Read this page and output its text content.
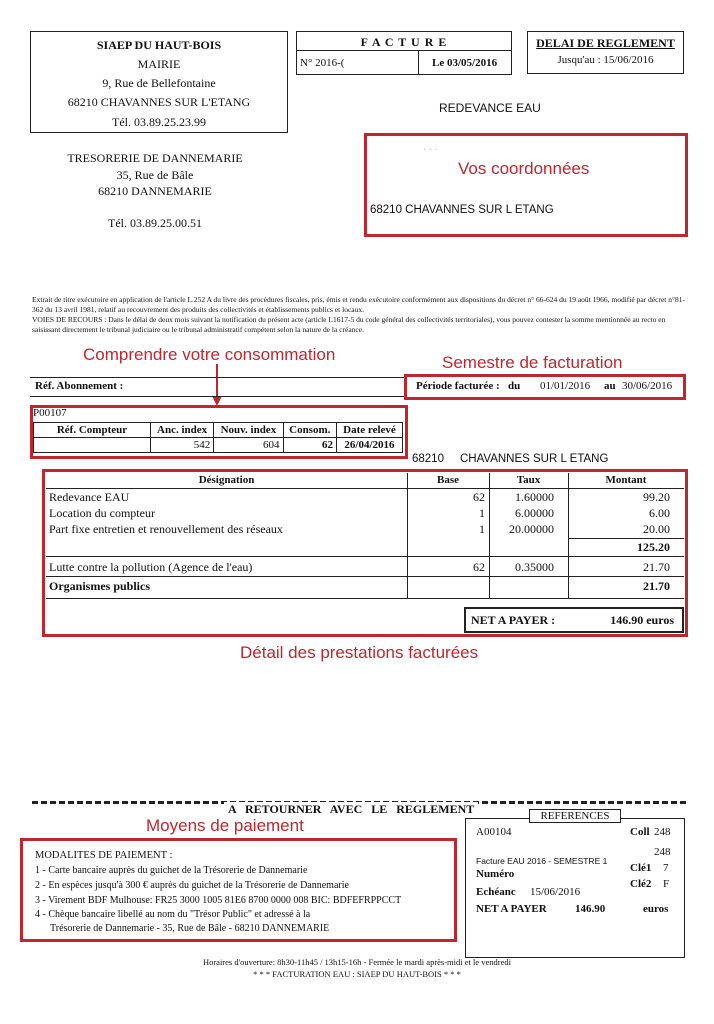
SIAEP DU HAUT-BOIS
MAIRIE
9, Rue de Bellefontaine
68210 CHAVANNES SUR L'ETANG
Tél. 03.89.25.23.99
F A C T U R E
N° 2016-(	Le 03/05/2016
DELAI DE REGLEMENT
Jusqu'au : 15/06/2016
REDEVANCE EAU
TRESORERIE DE DANNEMARIE
35, Rue de Bâle
68210 DANNEMARIE
Tél. 03.89.25.00.51
Vos coordonnées
· · ·
68210 CHAVANNES SUR L ETANG
Extrait de titre exécutoire en application de l'article L.252 A du livre des procédures fiscales, pris, émis et rendu exécutoire conformément aux dispositions du décret n° 66-624 du 19 août 1966, modifié par décret n°81-362 du 13 avril 1981, relatif au recouvrement des produits des collectivités et établissements publics et locaux.
VOIES DE RECOURS : Dans le délai de deux mois suivant la notification du présent acte (article L1617-5 du code général des collectivités territoriales), vous pouvez contester la somme mentionnée au recto en saisissant directement le tribunal judiciaire ou le tribunal administratif compétent selon la nature de la créance.
Comprendre votre consommation	Semestre de facturation
Réf. Abonnement :	Période facturée : du 01/01/2016 au 30/06/2016
P00107
Réf. Compteur	Anc. index	Nouv. index	Consom.	Date relevé
	542	604	62	26/04/2016
68210     CHAVANNES SUR L ETANG
Désignation	Base	Taux	Montant
Redevance EAU	62	1.60000	99.20
Location du compteur	1	6.00000	6.00
Part fixe entretien et renouvellement des réseaux	1	20.00000	20.00
125.20
Lutte contre la pollution (Agence de l'eau)	62	0.35000	21.70
Organismes publics	21.70
NET A PAYER :	146.90 euros
Détail des prestations facturées
A   RETOURNER   AVEC   LE   REGLEMENT
Moyens de paiement	REFERENCES
A00104	Coll 248
248
Facture EAU 2016 - SEMESTRE 1
Clé1 7
Numéro
Clé2 F
Echéanc 15/06/2016
NET A PAYER	146.90	euros
MODALITES DE PAIEMENT :
1 - Carte bancaire auprès du guichet de la Trésorerie de Dannemarie
2 - En espèces jusqu'à 300 € auprès du guichet de la Trésorerie de Dannemarie
3 - Virement BDF Mulhouse: FR25 3000 1005 81E6 8700 0000 008 BIC: BDFEFRPPCCT
4 - Chèque bancaire libellé au nom du "Trésor Public" et adressé à la
Trésorerie de Dannemarie - 35, Rue de Bâle - 68210 DANNEMARIE
Horaires d'ouverture: 8h30-11h45 / 13h15-16h - Fermée le mardi après-midi et le vendredi
* * * FACTURATION EAU : SIAEP DU HAUT-BOIS * * *
